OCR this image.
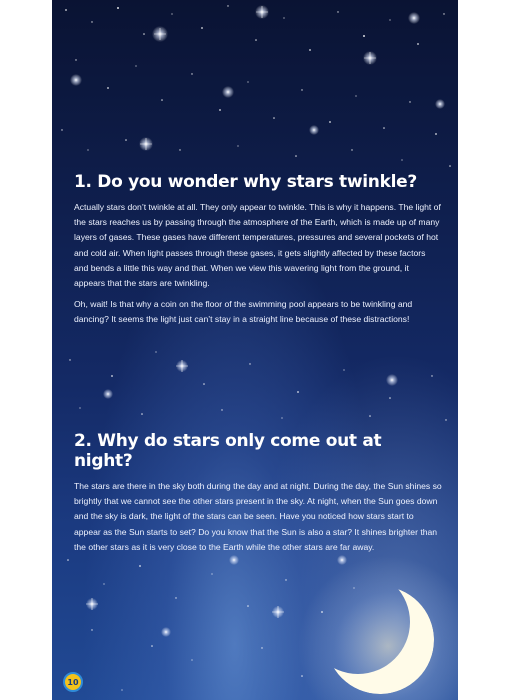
1. Do you wonder why stars twinkle?

Actually stars don’t twinkle at all. They only appear to twinkle. This is why it happens. The light of the stars reaches us by passing through the atmosphere of the Earth, which is made up of many layers of gases. These gases have different temperatures, pressures and several pockets of hot and cold air. When light passes through these gases, it gets slightly affected by these factors and bends a little this way and that. When we view this wavering light from the ground, it appears that the stars are twinkling.

Oh, wait! Is that why a coin on the floor of the swimming pool appears to be twinkling and dancing? It seems the light just can’t stay in a straight line because of these distractions!

2. Why do stars only come out at night?

The stars are there in the sky both during the day and at night. During the day, the Sun shines so brightly that we cannot see the other stars present in the sky. At night, when the Sun goes down and the sky is dark, the light of the stars can be seen. Have you noticed how stars start to appear as the Sun starts to set? Do you know that the Sun is also a star? It shines brighter than the other stars as it is very close to the Earth while the other stars are far away.

10
